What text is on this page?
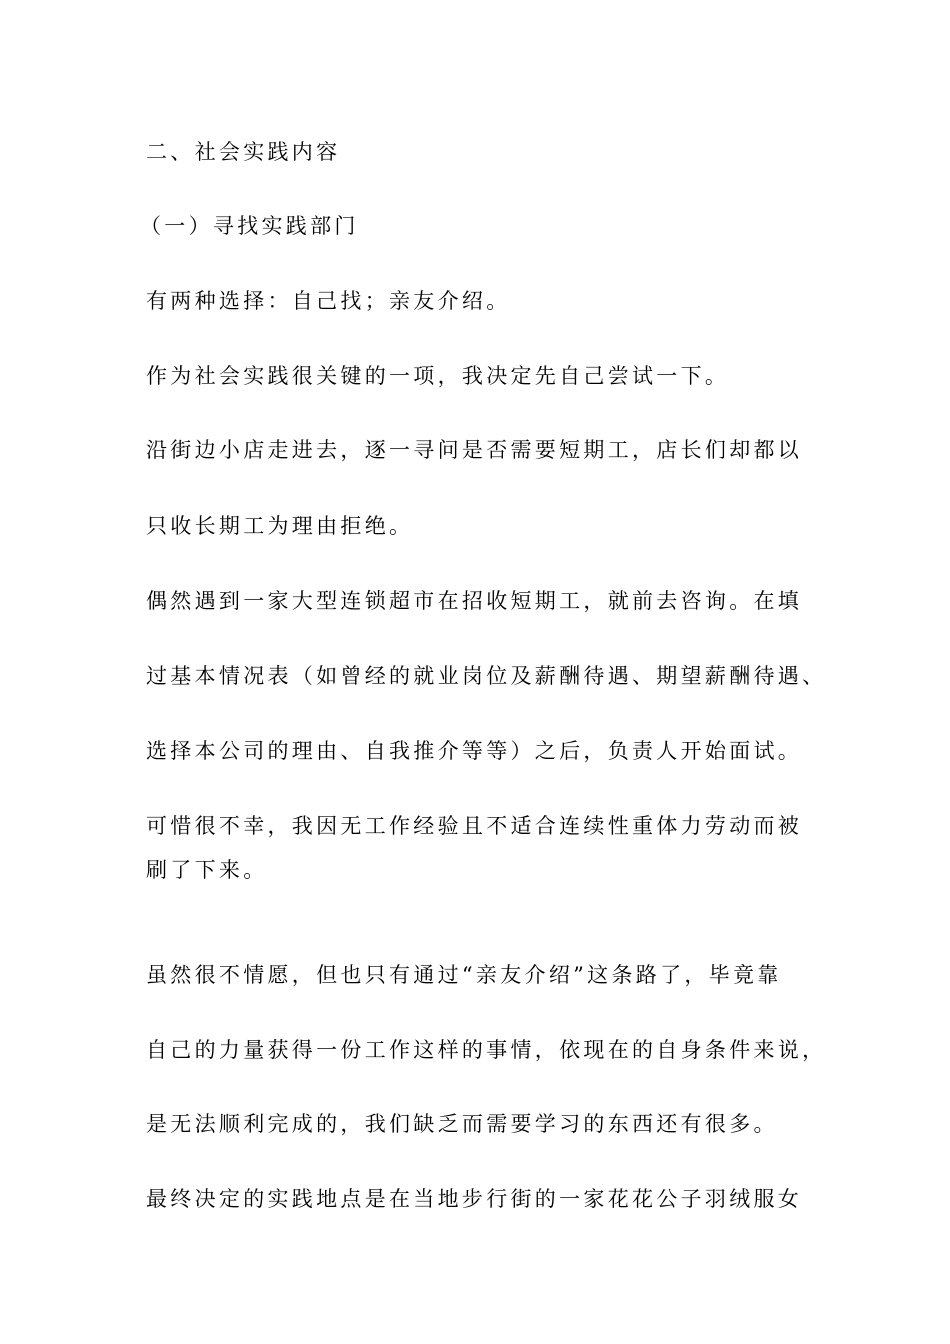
二、社会实践内容
（一）寻找实践部门
有两种选择：自己找；亲友介绍。
作为社会实践很关键的一项，我决定先自己尝试一下。
沿街边小店走进去，逐一寻问是否需要短期工，店长们却都以
只收长期工为理由拒绝。
偶然遇到一家大型连锁超市在招收短期工，就前去咨询。在填
过基本情况表（如曾经的就业岗位及薪酬待遇、期望薪酬待遇、
选择本公司的理由、自我推介等等）之后，负责人开始面试。
可惜很不幸，我因无工作经验且不适合连续性重体力劳动而被
刷了下来。
虽然很不情愿，但也只有通过“亲友介绍”这条路了，毕竟靠
自己的力量获得一份工作这样的事情，依现在的自身条件来说，
是无法顺利完成的，我们缺乏而需要学习的东西还有很多。
最终决定的实践地点是在当地步行街的一家花花公子羽绒服女
